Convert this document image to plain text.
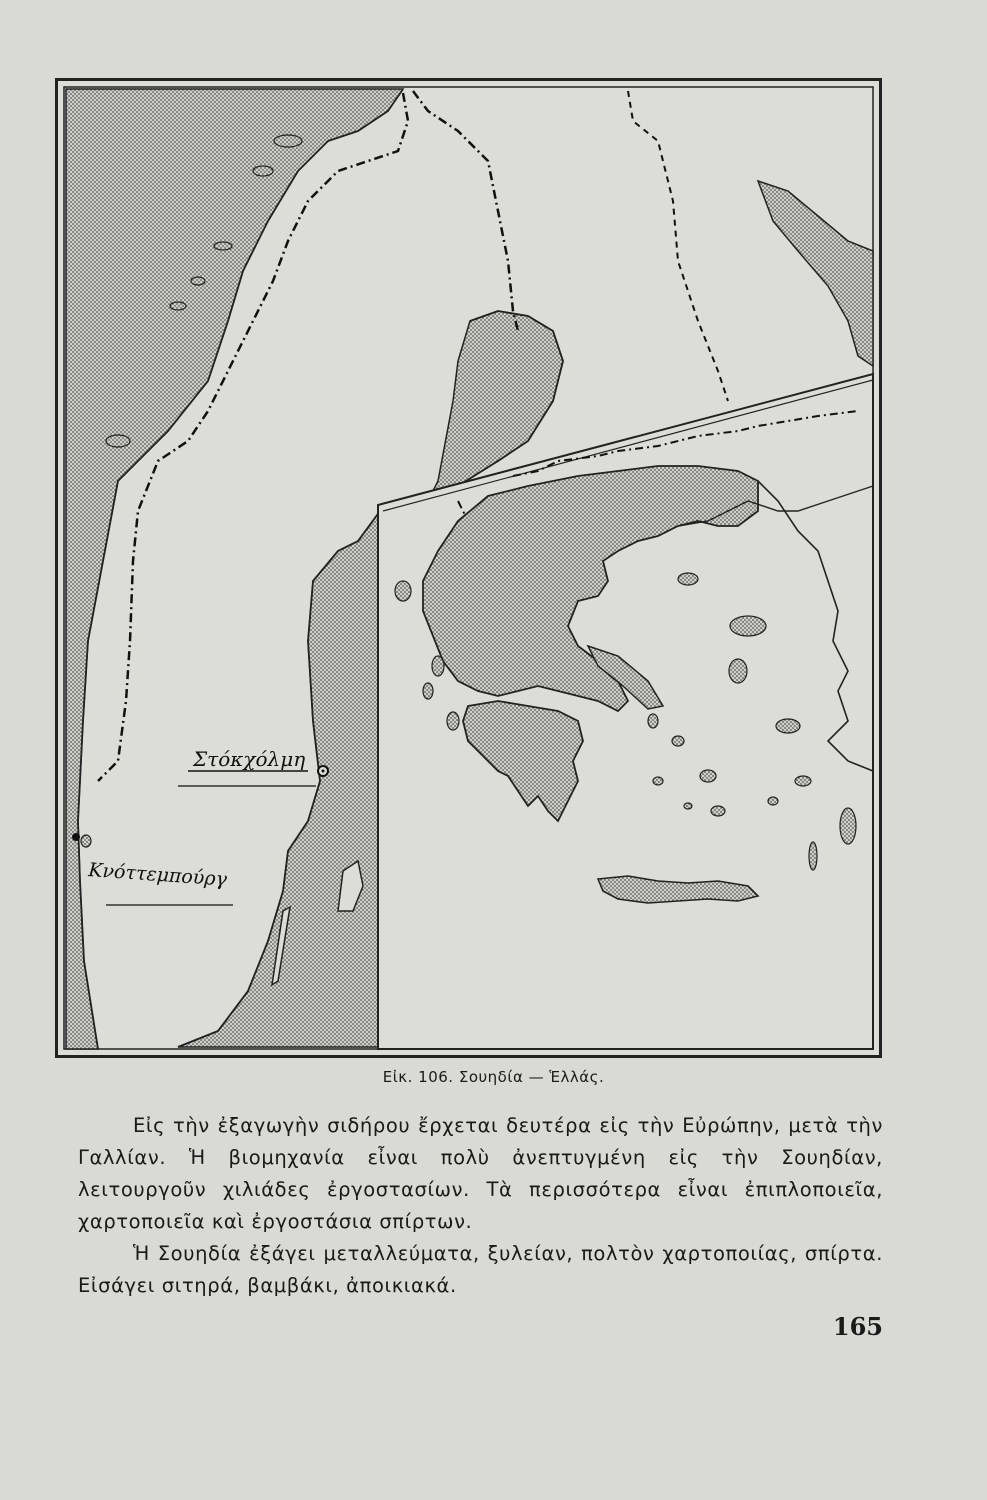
Στόκχόλμη
Κνόττεμπούργ
Εἰκ. 106. Σουηδία — Ἑλλάς.

Εἰς τὴν ἐξαγωγὴν σιδήρου ἔρχεται δευτέρα εἰς τὴν Εὐρώπην, μετὰ τὴν Γαλλίαν. Ἡ βιομηχανία εἶναι πολὺ ἀνεπτυγμένη εἰς τὴν Σουηδίαν, λειτουργοῦν χιλιάδες ἐργοστασίων. Τὰ περισσότερα εἶναι ἐπιπλοποιεῖα, χαρτοποιεῖα καὶ ἐργοστάσια σπίρτων.

Ἡ Σουηδία ἐξάγει μεταλλεύματα, ξυλείαν, πολτὸν χαρτοποιίας, σπίρτα. Εἰσάγει σιτηρά, βαμβάκι, ἀποικιακά.

165
